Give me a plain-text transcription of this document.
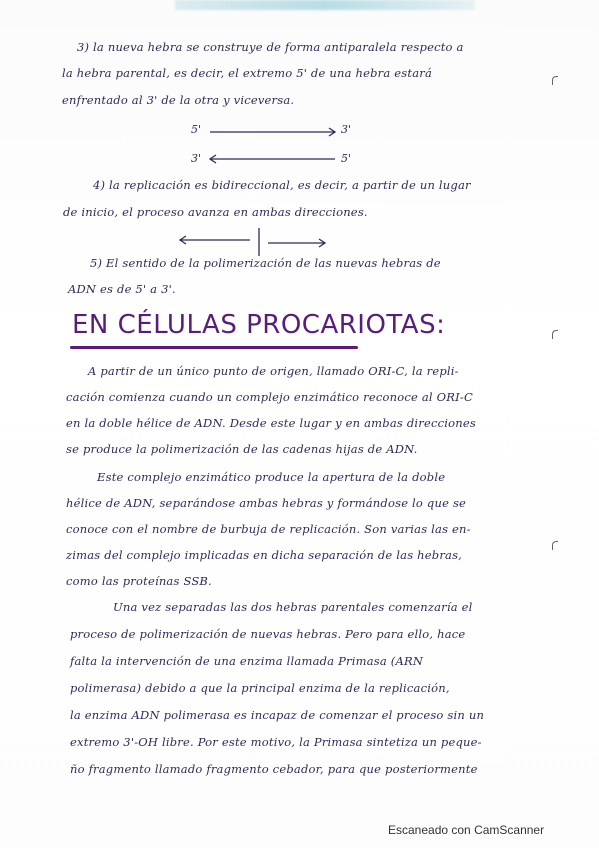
3) la nueva hebra se construye de forma antiparalela respecto a
la hebra parental, es decir, el extremo 5' de una hebra estará
enfrentado al 3' de la otra y viceversa.
5'	3'
3'	5'
4) la replicación es bidireccional, es decir, a partir de un lugar
de inicio, el proceso avanza en ambas direcciones.
5) El sentido de la polimerización de las nuevas hebras de
ADN es de 5' a 3'.
EN CÉLULAS PROCARIOTAS:
A partir de un único punto de origen, llamado ORI-C, la repli-
cación comienza cuando un complejo enzimático reconoce al ORI-C
en la doble hélice de ADN. Desde este lugar y en ambas direcciones
se produce la polimerización de las cadenas hijas de ADN.
Este complejo enzimático produce la apertura de la doble
hélice de ADN, separándose ambas hebras y formándose lo que se
conoce con el nombre de burbuja de replicación. Son varias las en-
zimas del complejo implicadas en dicha separación de las hebras,
como las proteínas SSB.
Una vez separadas las dos hebras parentales comenzaría el
proceso de polimerización de nuevas hebras. Pero para ello, hace
falta la intervención de una enzima llamada Primasa (ARN
polimerasa) debido a que la principal enzima de la replicación,
la enzima ADN polimerasa es incapaz de comenzar el proceso sin un
extremo 3'-OH libre. Por este motivo, la Primasa sintetiza un peque-
ño fragmento llamado fragmento cebador, para que posteriormente
Escaneado con CamScanner
